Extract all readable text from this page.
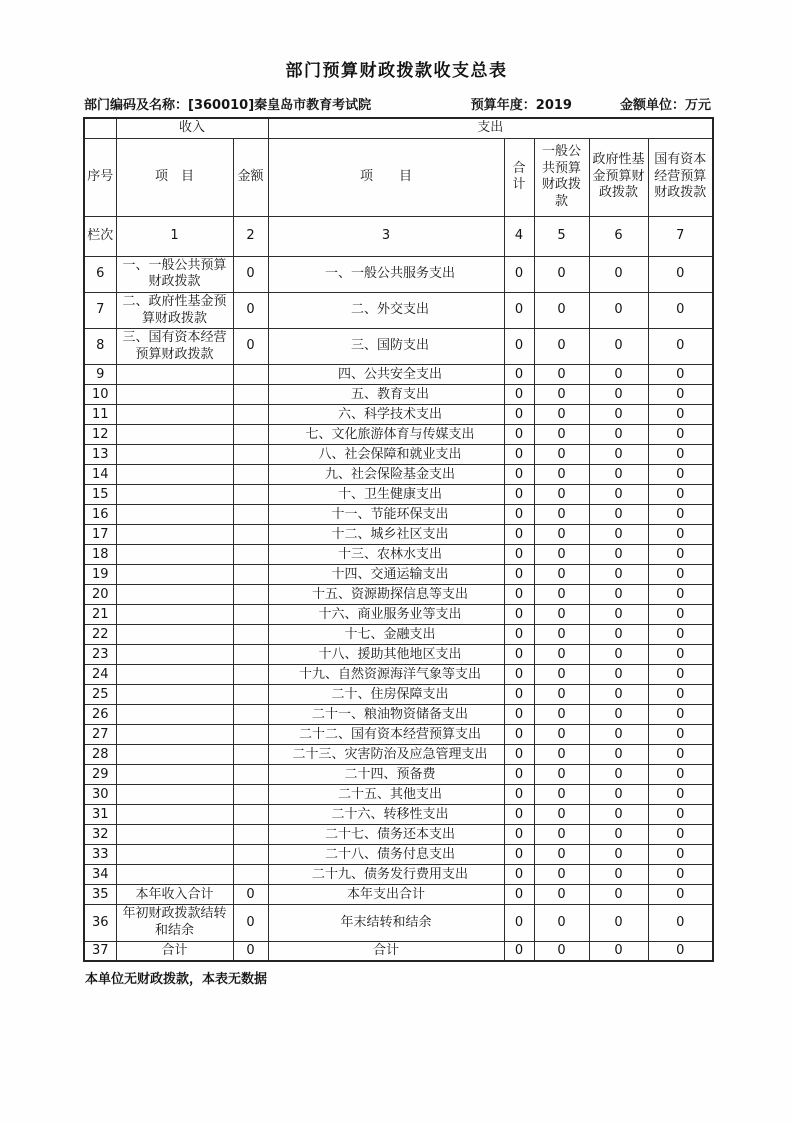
部门预算财政拨款收支总表
部门编码及名称：[360010]秦皇岛市教育考试院	预算年度：2019	金额单位：万元
	收入		支出				
序号	项　目	金额	项　　目	合计	一般公共预算财政拨款	政府性基金预算财政拨款	国有资本经营预算财政拨款
栏次	1	2	3	4	5	6	7
6	一、一般公共预算财政拨款	0	一、一般公共服务支出	0	0	0	0
7	二、政府性基金预算财政拨款	0	二、外交支出	0	0	0	0
8	三、国有资本经营预算财政拨款	0	三、国防支出	0	0	0	0
9			四、公共安全支出	0	0	0	0
10			五、教育支出	0	0	0	0
11			六、科学技术支出	0	0	0	0
12			七、文化旅游体育与传媒支出	0	0	0	0
13			八、社会保障和就业支出	0	0	0	0
14			九、社会保险基金支出	0	0	0	0
15			十、卫生健康支出	0	0	0	0
16			十一、节能环保支出	0	0	0	0
17			十二、城乡社区支出	0	0	0	0
18			十三、农林水支出	0	0	0	0
19			十四、交通运输支出	0	0	0	0
20			十五、资源勘探信息等支出	0	0	0	0
21			十六、商业服务业等支出	0	0	0	0
22			十七、金融支出	0	0	0	0
23			十八、援助其他地区支出	0	0	0	0
24			十九、自然资源海洋气象等支出	0	0	0	0
25			二十、住房保障支出	0	0	0	0
26			二十一、粮油物资储备支出	0	0	0	0
27			二十二、国有资本经营预算支出	0	0	0	0
28			二十三、灾害防治及应急管理支出	0	0	0	0
29			二十四、预备费	0	0	0	0
30			二十五、其他支出	0	0	0	0
31			二十六、转移性支出	0	0	0	0
32			二十七、债务还本支出	0	0	0	0
33			二十八、债务付息支出	0	0	0	0
34			二十九、债务发行费用支出	0	0	0	0
35	本年收入合计	0	本年支出合计	0	0	0	0
36	年初财政拨款结转和结余	0	年末结转和结余	0	0	0	0
37	合计	0	合计	0	0	0	0
本单位无财政拨款，本表无数据
